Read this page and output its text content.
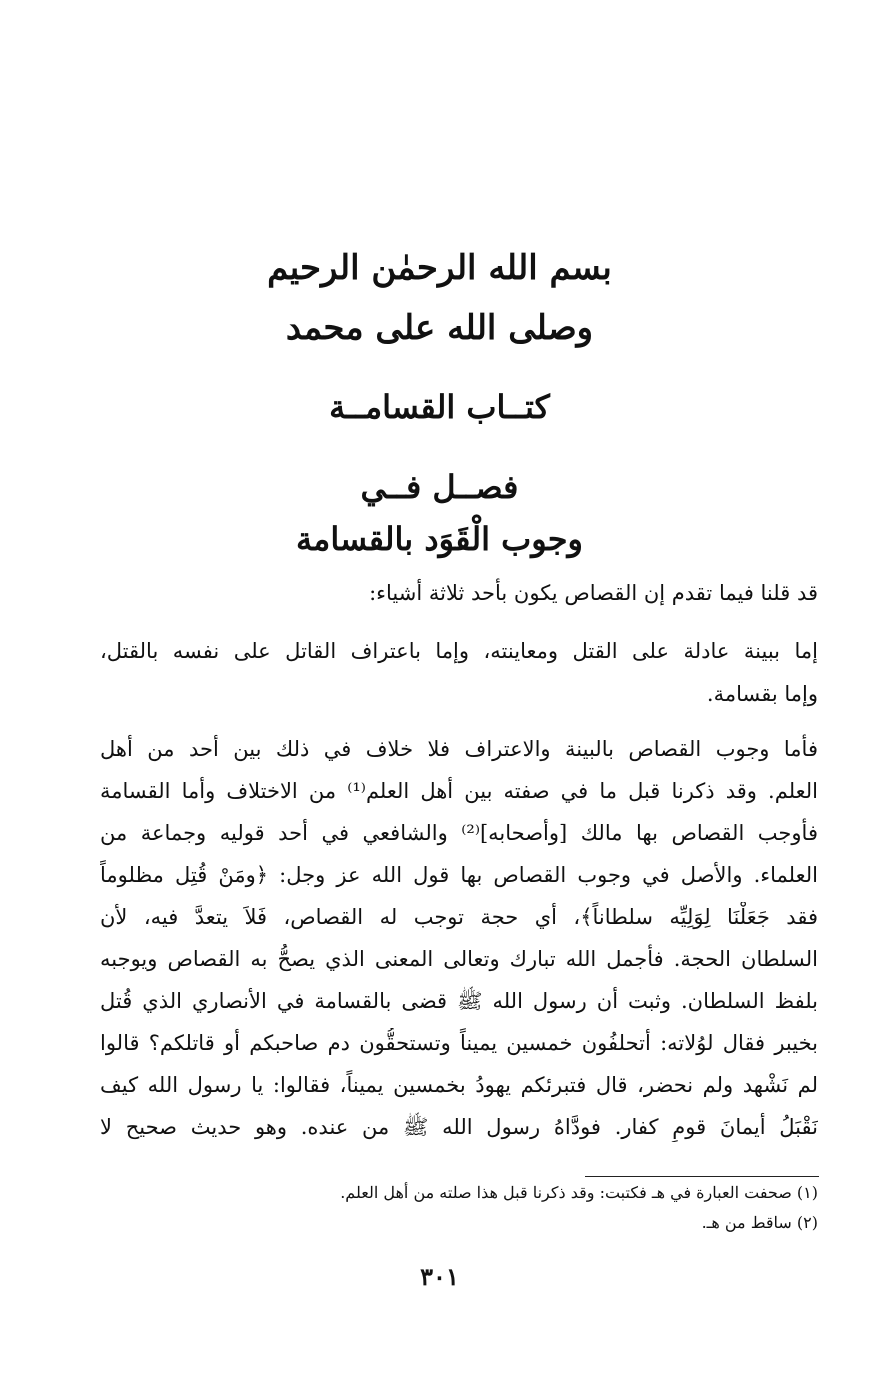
بسم الله الرحمٰن الرحيم
وصلى الله على محمد
كتــاب القسامــة
فصــل فــي
وجوب الْقَوَد بالقسامة
قد قلنا فيما تقدم إن القصاص يكون بأحد ثلاثة أشياء:
إما ببينة عادلة على القتل ومعاينته، وإما باعتراف القاتل على نفسه بالقتل،
وإما بقسامة.
فأما وجوب القصاص بالبينة والاعتراف فلا خلاف في ذلك بين أحد من أهل
العلم. وقد ذكرنا قبل ما في صفته بين أهل العلم⁽¹⁾ من الاختلاف وأما القسامة
فأوجب القصاص بها مالك [وأصحابه]⁽²⁾ والشافعي في أحد قوليه وجماعة من
العلماء. والأصل في وجوب القصاص بها قول الله عز وجل: ﴿ومَنْ قُتِل مظلوماً
فقد جَعَلْنَا لِوَلِيِّه سلطاناً﴾، أي حجة توجب له القصاص، فَلاَ يتعدَّ فيه، لأن
السلطان الحجة. فأجمل الله تبارك وتعالى المعنى الذي يصحُّ به القصاص ويوجبه
بلفظ السلطان. وثبت أن رسول الله ﷺ قضى بالقسامة في الأنصاري الذي قُتل
بخيبر فقال لوُلاته: أتحلفُون خمسين يميناً وتستحقُّون دم صاحبكم أو قاتلكم؟ قالوا
لم نَشْهد ولم نحضر، قال فتبرئكم يهودُ بخمسين يميناً، فقالوا: يا رسول الله كيف
نَقْبَلُ أيمانَ قومٍ كفار. فودَّاهُ رسول الله ﷺ من عنده. وهو حديث صحيح لا
(١) صحفت العبارة في هـ فكتبت: وقد ذكرنا قبل هذا صلته من أهل العلم.
(٢) ساقط من هـ.
٣٠١
